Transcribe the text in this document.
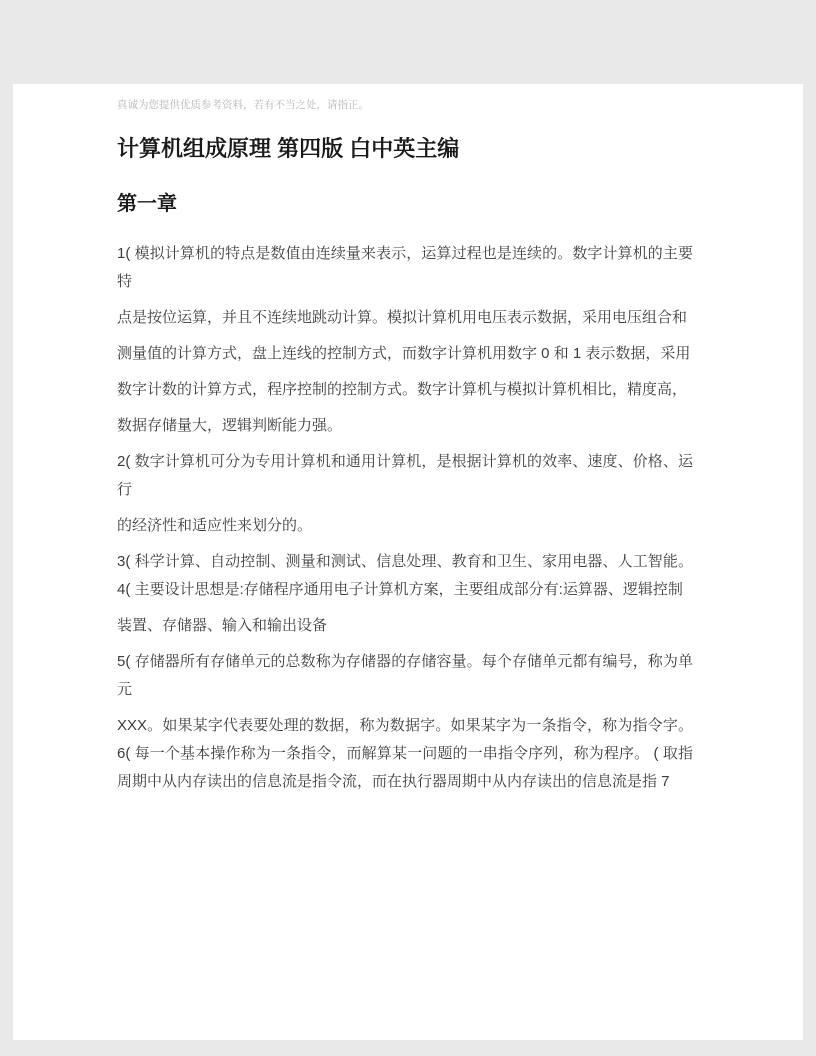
真诚为您提供优质参考资料，若有不当之处，请指正。
计算机组成原理 第四版 白中英主编
第一章

1( 模拟计算机的特点是数值由连续量来表示，运算过程也是连续的。数字计算机的主要特

点是按位运算，并且不连续地跳动计算。模拟计算机用电压表示数据，采用电压组合和

测量值的计算方式，盘上连线的控制方式，而数字计算机用数字 0 和 1 表示数据，采用

数字计数的计算方式，程序控制的控制方式。数字计算机与模拟计算机相比，精度高，

数据存储量大，逻辑判断能力强。

2( 数字计算机可分为专用计算机和通用计算机，是根据计算机的效率、速度、价格、运行

的经济性和适应性来划分的。

3( 科学计算、自动控制、测量和测试、信息处理、教育和卫生、家用电器、人工智能。 4( 主要设计思想是:存储程序通用电子计算机方案，主要组成部分有:运算器、逻辑控制

装置、存储器、输入和输出设备

5( 存储器所有存储单元的总数称为存储器的存储容量。每个存储单元都有编号，称为单元

XXX。如果某字代表要处理的数据，称为数据字。如果某字为一条指令，称为指令字。 6( 每一个基本操作称为一条指令，而解算某一问题的一串指令序列，称为程序。 ( 取指周期中从内存读出的信息流是指令流，而在执行器周期中从内存读出的信息流是指 7
